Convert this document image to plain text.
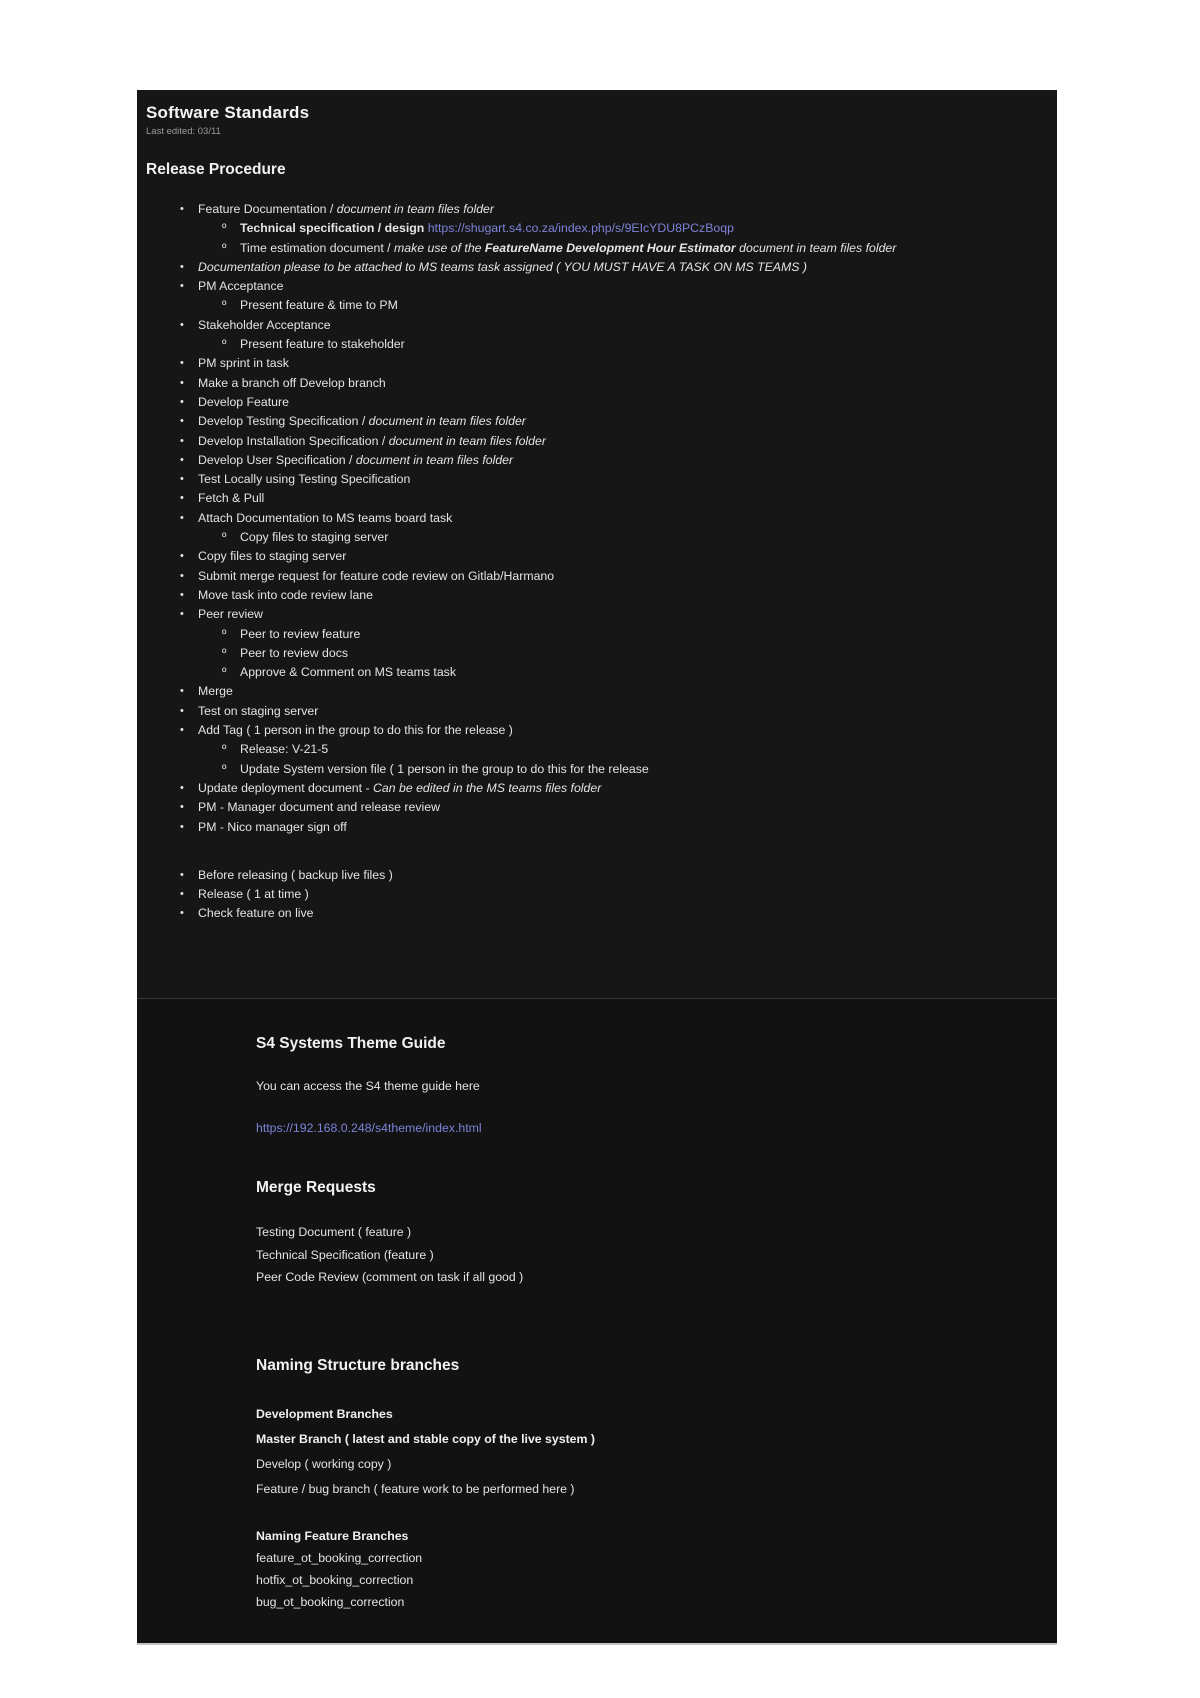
Software Standards
Last edited: 03/11
Release Procedure
•	Feature Documentation / document in team files folder
º	Technical specification / design https://shugart.s4.co.za/index.php/s/9EIcYDU8PCzBoqp
º	Time estimation document / make use of the FeatureName Development Hour Estimator document in team files folder
•	Documentation please to be attached to MS teams task assigned ( YOU MUST HAVE A TASK ON MS TEAMS )
•	PM Acceptance
º	Present feature & time to PM
•	Stakeholder Acceptance
º	Present feature to stakeholder
•	PM sprint in task
•	Make a branch off Develop branch
•	Develop Feature
•	Develop Testing Specification / document in team files folder
•	Develop Installation Specification / document in team files folder
•	Develop User Specification / document in team files folder
•	Test Locally using Testing Specification
•	Fetch & Pull
•	Attach Documentation to MS teams board task
º	Copy files to staging server
•	Copy files to staging server
•	Submit merge request for feature code review on Gitlab/Harmano
•	Move task into code review lane
•	Peer review
º	Peer to review feature
º	Peer to review docs
º	Approve & Comment on MS teams task
•	Merge
•	Test on staging server
•	Add Tag ( 1 person in the group to do this for the release )
º	Release: V-21-5
º	Update System version file ( 1 person in the group to do this for the release
•	Update deployment document - Can be edited in the MS teams files folder
•	PM - Manager document and release review
•	PM - Nico manager sign off
•	Before releasing ( backup live files )
•	Release ( 1 at time )
•	Check feature on live
S4 Systems Theme Guide

You can access the S4 theme guide here

https://192.168.0.248/s4theme/index.html
Merge Requests

Testing Document ( feature )

Technical Specification (feature )

Peer Code Review (comment on task if all good )

Naming Structure branches

Development Branches

Master Branch ( latest and stable copy of the live system )

Develop ( working copy )

Feature / bug branch ( feature work to be performed here )

Naming Feature Branches

feature_ot_booking_correction

hotfix_ot_booking_correction

bug_ot_booking_correction
